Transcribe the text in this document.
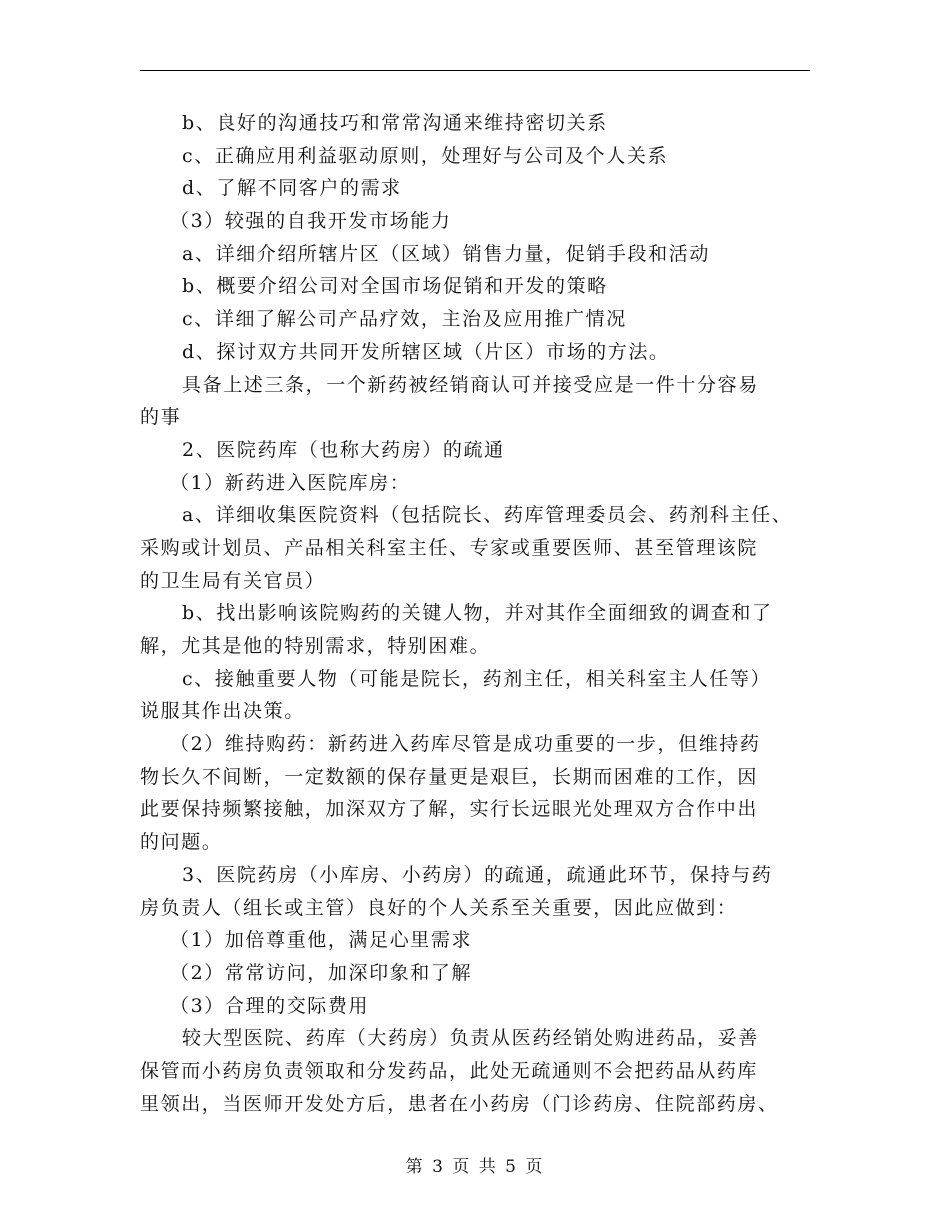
b、良好的沟通技巧和常常沟通来维持密切关系
c、正确应用利益驱动原则，处理好与公司及个人关系
d、了解不同客户的需求
（3）较强的自我开发市场能力
a、详细介绍所辖片区（区域）销售力量，促销手段和活动
b、概要介绍公司对全国市场促销和开发的策略
c、详细了解公司产品疗效，主治及应用推广情况
d、探讨双方共同开发所辖区域（片区）市场的方法。
具备上述三条，一个新药被经销商认可并接受应是一件十分容易
的事
2、医院药库（也称大药房）的疏通
（1）新药进入医院库房：
a、详细收集医院资料（包括院长、药库管理委员会、药剂科主任、
采购或计划员、产品相关科室主任、专家或重要医师、甚至管理该院
的卫生局有关官员）
b、找出影响该院购药的关键人物，并对其作全面细致的调查和了
解，尤其是他的特别需求，特别困难。
c、接触重要人物（可能是院长，药剂主任，相关科室主人任等）
说服其作出决策。
（2）维持购药：新药进入药库尽管是成功重要的一步，但维持药
物长久不间断，一定数额的保存量更是艰巨，长期而困难的工作，因
此要保持频繁接触，加深双方了解，实行长远眼光处理双方合作中出
的问题。
3、医院药房（小库房、小药房）的疏通，疏通此环节，保持与药
房负责人（组长或主管）良好的个人关系至关重要，因此应做到：
（1）加倍尊重他，满足心里需求
（2）常常访问，加深印象和了解
（3）合理的交际费用
较大型医院、药库（大药房）负责从医药经销处购进药品，妥善
保管而小药房负责领取和分发药品，此处无疏通则不会把药品从药库
里领出，当医师开发处方后，患者在小药房（门诊药房、住院部药房、
第 3 页 共 5 页
